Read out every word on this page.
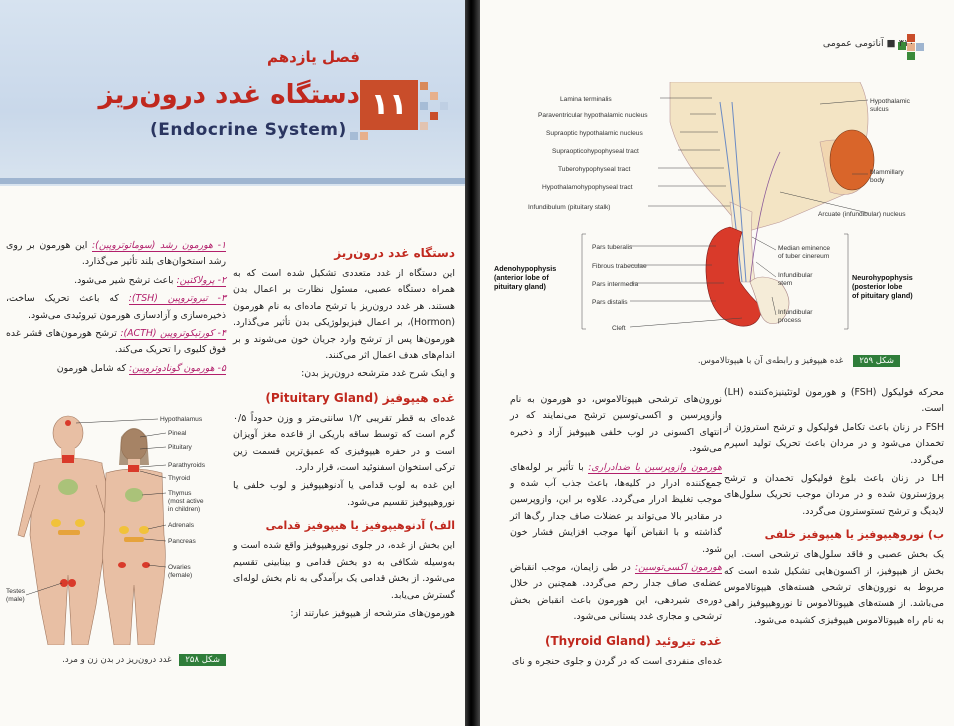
فصل یازدهم
دستگاه غدد درون‌ریز
(Endocrine System)
۱۱
دستگاه غدد درون‌ریز

این دستگاه از غدد متعددی تشکیل شده است که به همراه دستگاه عصبی، مسئول نظارت بر اعمال بدن هستند. هر غدد درون‌ریز با ترشح ماده‌ای به نام هورمون (Hormon)، بر اعمال فیزیولوژیکی بدن تأثیر می‌گذارد. هورمون‌ها پس از ترشح وارد جریان خون می‌شوند و بر اندام‌های هدف اعمال اثر می‌کنند.

و اینک شرح غدد مترشحه درون‌ریز بدن:

غده هیپوفیز (Pituitary Gland)

غده‌ای به قطر تقریبی ۱/۲ سانتی‌متر و وزن حدوداً ۰/۵ گرم است که توسط ساقه باریکی از قاعده مغز آویزان است و در حفره هیپوفیزی که عمیق‌ترین قسمت زین ترکی استخوان اسفنوئید است، قرار دارد.

این غده به لوب قدامی یا آدنوهیپوفیز و لوب خلفی یا نوروهیپوفیز تقسیم می‌شود.

الف) آدنوهیپوفیز یا هیپوفیز قدامی

این بخش از غده، در جلوی نوروهیپوفیز واقع شده است و به‌وسیله شکافی به دو بخش قدامی و بینابینی تقسیم می‌شود. از بخش قدامی یک برآمدگی به نام بخش لوله‌ای گسترش می‌یابد.

هورمون‌های مترشحه از هیپوفیز عبارتند از:

۱- هورمون رشد (سوماتوتروپین): این هورمون بر روی رشد استخوان‌های بلند تأثیر می‌گذارد.

۲- پرولاکتین: باعث ترشح شیر می‌شود.

۳- تیروتروپین (TSH): که باعث تحریک ساخت، ذخیره‌سازی و آزادسازی هورمون تیروئیدی می‌شود.

۴- کورتیکوتروپین (ACTH): ترشح هورمون‌های قشر غده فوق کلیوی را تحریک می‌کند.

۵- هورمون گونادوتروپین: که شامل هورمون

Hypothalamus
Pineal
Pituitary
Parathyroids
Thyroid
Thymus
(most active
in children)
Adrenals
Pancreas
Ovaries
(female)
Testes
(male)
شکل ۲۵۸ غدد درون‌ریز در بدن زن و مرد.
۳۱۰ ■ آناتومی عمومی
Lamina terminalis
Paraventricular hypothalamic nucleus
Supraoptic hypothalamic nucleus
Supraopticohypophyseal tract
Tuberohypophyseal tract
Hypothalamohypophyseal tract
Infundibulum (pituitary stalk)
Pars tuberalis
Fibrous trabeculae
Pars intermedia
Pars distalis
Cleft
Hypothalamic
sulcus
Mammillary
body
Arcuate (infundibular) nucleus
Median eminence
of tuber cinereum
Infundibular
stem
Infundibular
process
Adenohypophysis
(anterior lobe of
pituitary gland)
Neurohypophysis
(posterior lobe
of pituitary gland)
شکل ۲۵۹ غده هیپوفیز و رابطه‌ی آن با هیپوتالاموس.

محرکه فولیکول (FSH) و هورمون لوتئینیزه‌کننده (LH) است.

FSH در زنان باعث تکامل فولیکول و ترشح استروژن از تخمدان می‌شود و در مردان باعث تحریک تولید اسپرم می‌گردد.

LH در زنان باعث بلوغ فولیکول تخمدان و ترشح پروژسترون شده و در مردان موجب تحریک سلول‌های لایدیگ و ترشح تستوسترون می‌گردد.

ب) نوروهیپوفیز یا هیپوفیز خلفی

یک بخش عصبی و فاقد سلول‌های ترشحی است. این بخش از هیپوفیز، از اکسون‌هایی تشکیل شده است که مربوط به نورون‌های ترشحی هسته‌های هیپوتالاموس می‌باشد. از هسته‌های هیپوتالاموس تا نوروهیپوفیز راهی به نام راه هیپوتالاموس هیپوفیزی کشیده می‌شود.

نورون‌های ترشحی هیپوتالاموس، دو هورمون به نام وازوپرسین و اکسی‌توسین ترشح می‌نمایند که در انتهای اکسونی در لوب خلفی هیپوفیز آزاد و ذخیره می‌شود.

هورمون وازوپرسین یا ضدادراری: با تأثیر بر لوله‌های جمع‌کننده ادرار در کلیه‌ها، باعث جذب آب شده و موجب تغلیظ ادرار می‌گردد. علاوه بر این، وازوپرسین در مقادیر بالا می‌تواند بر عضلات صاف جدار رگ‌ها اثر گذاشته و با انقباض آنها موجب افزایش فشار خون شود.

هورمون اکسی‌توسین: در طی زایمان، موجب انقباض عضله‌ی صاف جدار رحم می‌گردد. همچنین در خلال دوره‌ی شیردهی، این هورمون باعث انقباض بخش ترشحی و مجاری غدد پستانی می‌شود.

غده تیروئید (Thyroid Gland)

غده‌ای منفردی است که در گردن و جلوی حنجره و نای
